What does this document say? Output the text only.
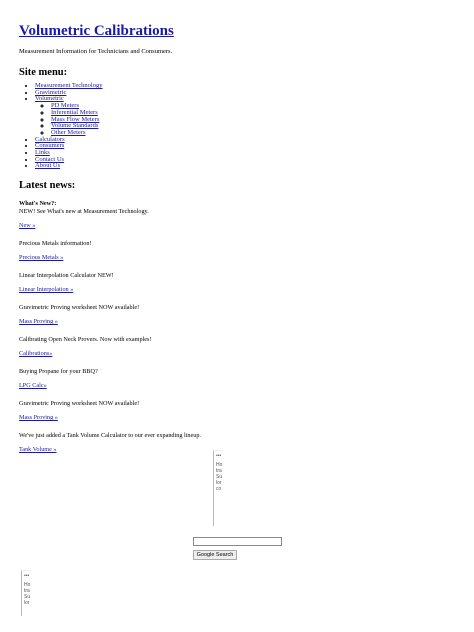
Volumetric Calibrations

Measurement Information for Technicians and Consumers.

Site menu:
• Measurement Technology
• Gravimetric
• Volumetric
◦ PD Meters
◦ Inferential Meters
◦ Mass Flow Meters
◦ Volume Standards
◦ Other Meters
• Calculators
• Consumers
• Links
• Contact Us
• About Us
Latest news:
What's New?:

NEW! See What's new at Measurement Technology.

New »

Precious Metals information!

Precious Metals »

Linear Interpolation Calculator NEW!

Linear Interpolation »

Gravimetric Proving worksheet NOW available!

Mass Proving »

Calibrating Open Neck Provers. Now with examples!

Calibrations»

Buying Propane for your BBQ?

LPG Calc»

Gravimetric Proving worksheet NOW available!

Mass Proving »

We've just added a Tank Volume Calculator to our ever expanding lineup.

Tank Volume »

•••
Ho
tra
Su
lor
co
Google Search
•••
Ho
tra
Su
lor
